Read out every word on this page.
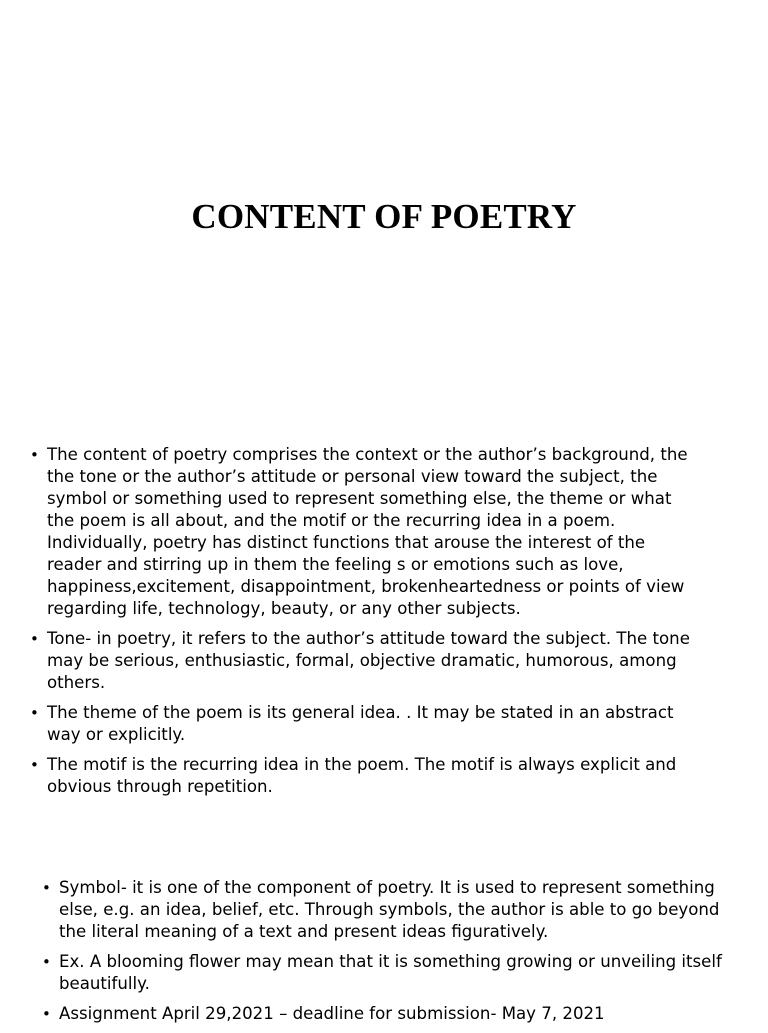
CONTENT OF POETRY
• The content of poetry comprises the context or the author’s background, the the tone or the author’s attitude or personal view toward the subject, the symbol or something used to represent something else, the theme or what the poem is all about, and the motif or the recurring idea in a poem. Individually, poetry has distinct functions that arouse the interest of the reader and stirring up in them the feeling s or emotions such as love, happiness,excitement, disappointment, brokenheartedness or points of view regarding life, technology, beauty, or any other subjects.
• Tone- in poetry, it refers to the author’s attitude toward the subject. The tone may be serious, enthusiastic, formal, objective dramatic, humorous, among others.
• The theme of the poem is its general idea. . It may be stated in an abstract way or explicitly.
• The motif is the recurring idea in the poem. The motif is always explicit and obvious through repetition.
• Symbol- it is one of the component of poetry. It is used to represent something else, e.g. an idea, belief, etc. Through symbols, the author is able to go beyond the literal meaning of a text and present ideas figuratively.
• Ex. A blooming flower may mean that it is something growing or unveiling itself beautifully.
• Assignment April 29,2021 – deadline for submission- May 7, 2021
